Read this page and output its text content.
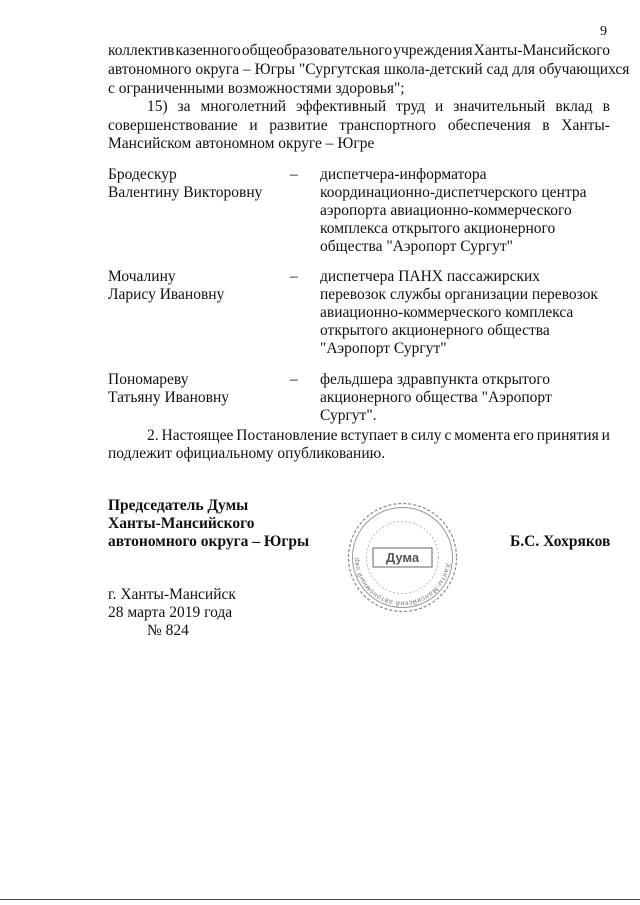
9
коллектив казенного общеобразовательного учреждения Ханты-Мансийского
автономного округа – Югры "Сургутская школа-детский сад для обучающихся
с ограниченными возможностями здоровья";
15) за многолетний эффективный труд и значительный вклад в
совершенствование и развитие транспортного обеспечения в Ханты-
Мансийском автономном округе – Югре
Бродескур
Валентину Викторовну
– диспетчера-информатора
координационно-диспетчерского центра
аэропорта авиационно-коммерческого
комплекса открытого акционерного
общества "Аэропорт Сургут"
Мочалину
Ларису Ивановну
– диспетчера ПАНХ пассажирских
перевозок службы организации перевозок
авиационно-коммерческого комплекса
открытого акционерного общества
"Аэропорт Сургут"
Пономареву
Татьяну Ивановну
– фельдшера здравпункта открытого
акционерного общества "Аэропорт
Сургут".
2. Настоящее Постановление вступает в силу с момента его принятия и
подлежит официальному опубликованию.
Председатель Думы
Ханты-Мансийского
автономного округа – Югры	Б.С. Хохряков
Ханты-Мансийский автономный окр	Дума
г. Ханты-Мансийск
28 марта 2019 года
№ 824
